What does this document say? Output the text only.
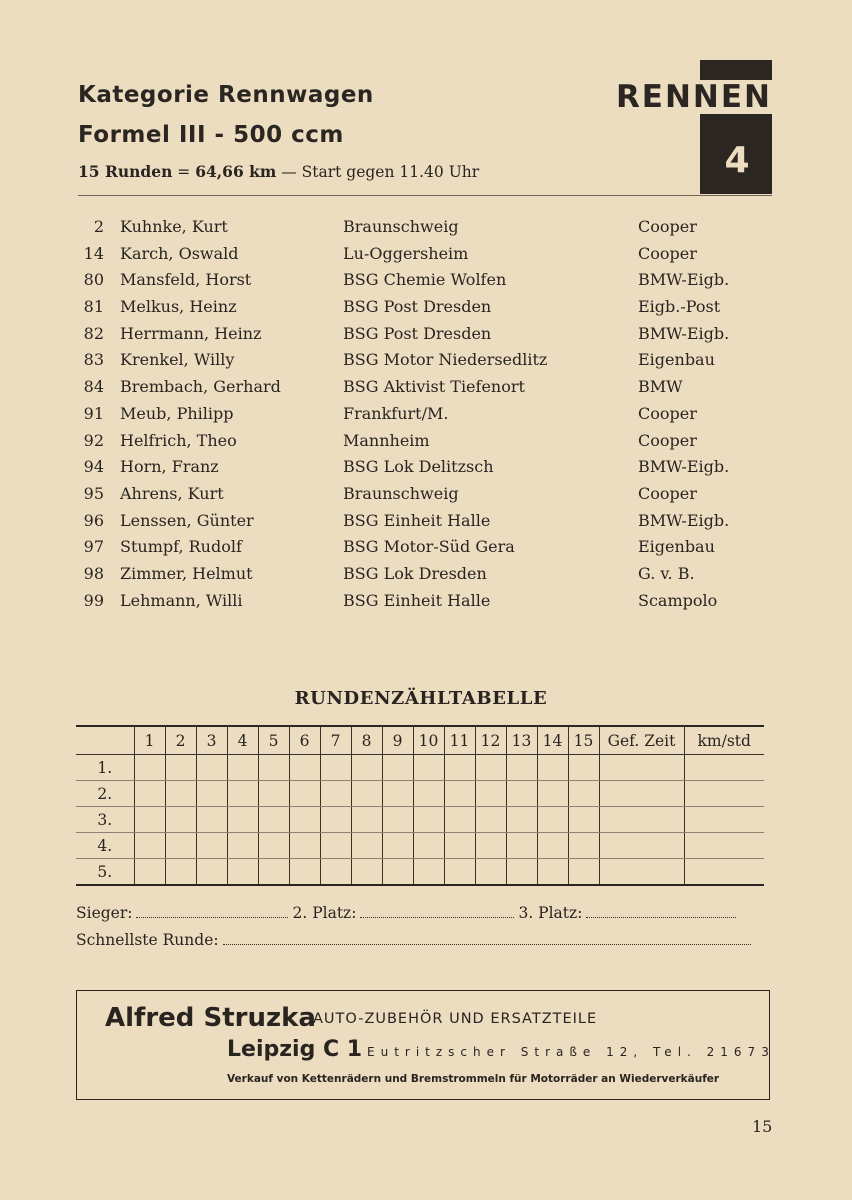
Kategorie Rennwagen
Formel III - 500 ccm
15 Runden = 64,66 km — Start gegen 11.40 Uhr
RENNEN
4
2 Kuhnke, Kurt	Braunschweig	Cooper
14 Karch, Oswald	Lu-Oggersheim	Cooper
80 Mansfeld, Horst	BSG Chemie Wolfen	BMW-Eigb.
81 Melkus, Heinz	BSG Post Dresden	Eigb.-Post
82 Herrmann, Heinz	BSG Post Dresden	BMW-Eigb.
83 Krenkel, Willy	BSG Motor Niedersedlitz	Eigenbau
84 Brembach, Gerhard	BSG Aktivist Tiefenort	BMW
91 Meub, Philipp	Frankfurt/M.	Cooper
92 Helfrich, Theo	Mannheim	Cooper
94 Horn, Franz	BSG Lok Delitzsch	BMW-Eigb.
95 Ahrens, Kurt	Braunschweig	Cooper
96 Lenssen, Günter	BSG Einheit Halle	BMW-Eigb.
97 Stumpf, Rudolf	BSG Motor-Süd Gera	Eigenbau
98 Zimmer, Helmut	BSG Lok Dresden	G. v. B.
99 Lehmann, Willi	BSG Einheit Halle	Scampolo
RUNDENZÄHLTABELLE
	1	2	3	4	5	6	7	8	9	10	11	12	13	14	15	Gef. Zeit	km/std
1.																	
2.																	
3.																	
4.																	
5.																	
Sieger:	2. Platz:	3. Platz:
Schnellste Runde:
Alfred Struzka
AUTO-ZUBEHÖR UND ERSATZTEILE
Leipzig C 1 Eutritzscher Straße 12, Tel. 21673
Verkauf von Kettenrädern und Bremstrommeln für Motorräder an Wiederverkäufer
15
